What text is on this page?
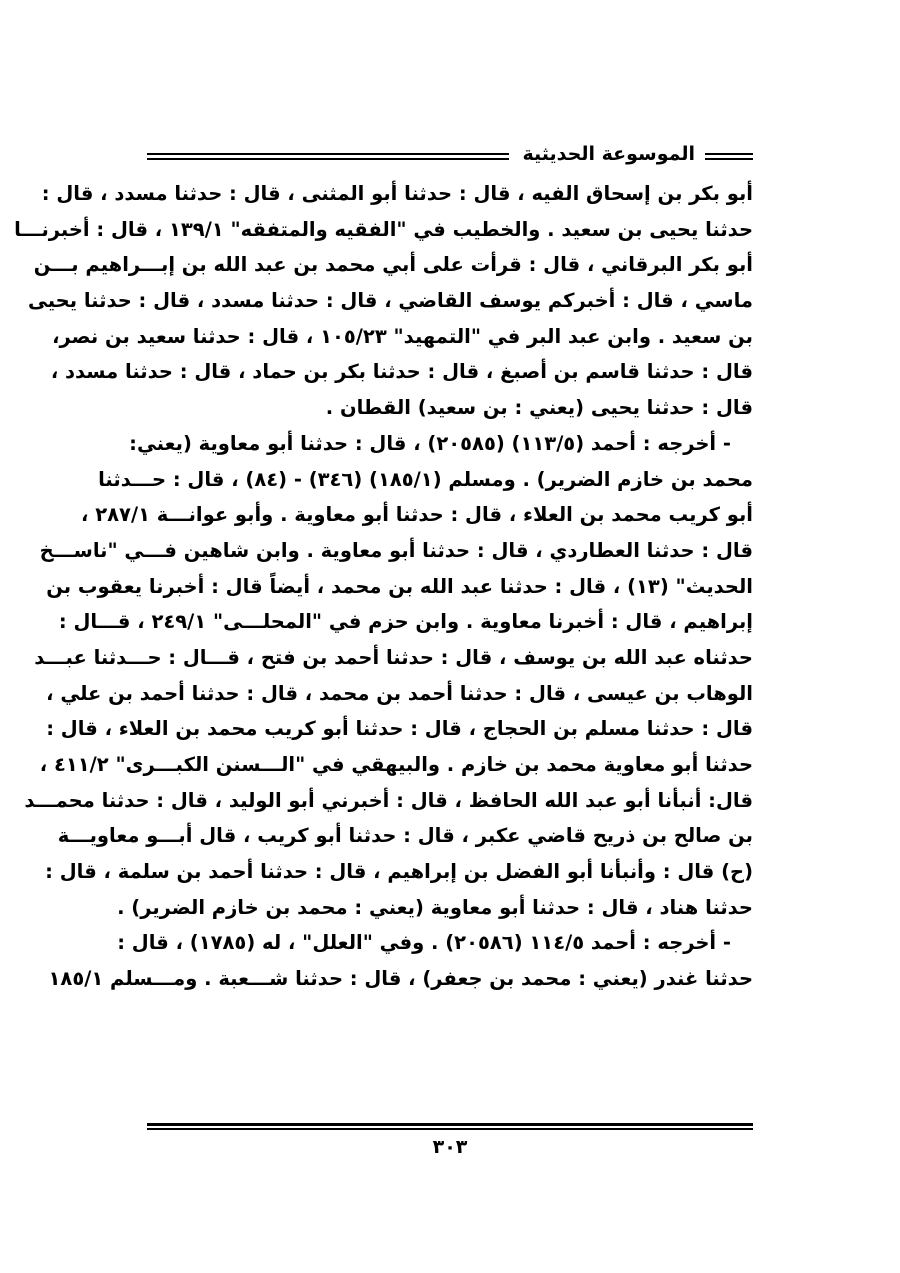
الموسوعة الحديثية
أبو بكر بن إسحاق الفيه ، قال : حدثنا أبو المثنى ، قال : حدثنا مسدد ، قال :
حدثنا يحيى بن سعيد . والخطيب في "الفقيه والمتفقه" ١٣٩/١ ، قال : أخبرنـــا
أبو بكر البرقاني ، قال : قرأت على أبي محمد بن عبد الله بن إبـــراهيم بـــن
ماسي ، قال : أخبركم يوسف القاضي ، قال : حدثنا مسدد ، قال : حدثنا يحيى
بن سعيد . وابن عبد البر في "التمهيد" ١٠٥/٢٣ ، قال : حدثنا سعيد بن نصر،
قال : حدثنا قاسم بن أصبغ ، قال : حدثنا بكر بن حماد ، قال : حدثنا مسدد ،
قال : حدثنا يحيى (يعني : بن سعيد) القطان .
- أخرجه : أحمد (١١٣/٥) (٢٠٥٨٥) ، قال : حدثنا أبو معاوية (يعني:
محمد بن خازم الضرير) . ومسلم (١٨٥/١) (٣٤٦) - (٨٤) ، قال : حـــدثنا
أبو كريب محمد بن العلاء ، قال : حدثنا أبو معاوية . وأبو عوانـــة ٢٨٧/١ ،
قال : حدثنا العطاردي ، قال : حدثنا أبو معاوية . وابن شاهين فـــي "ناســـخ
الحديث" (١٣) ، قال : حدثنا عبد الله بن محمد ، أيضاً قال : أخبرنا يعقوب بن
إبراهيم ، قال : أخبرنا معاوية . وابن حزم في "المحلـــى" ٢٤٩/١ ، قـــال :
حدثناه عبد الله بن يوسف ، قال : حدثنا أحمد بن فتح ، قـــال : حـــدثنا عبـــد
الوهاب بن عيسى ، قال : حدثنا أحمد بن محمد ، قال : حدثنا أحمد بن علي ،
قال : حدثنا مسلم بن الحجاج ، قال : حدثنا أبو كريب محمد بن العلاء ، قال :
حدثنا أبو معاوية محمد بن خازم . والبيهقي في "الـــسنن الكبـــرى" ٤١١/٢ ،
قال: أنبأنا أبو عبد الله الحافظ ، قال : أخبرني أبو الوليد ، قال : حدثنا محمـــد
بن صالح بن ذريح قاضي عكبر ، قال : حدثنا أبو كريب ، قال أبـــو معاويـــة
(ح) قال : وأنبأنا أبو الفضل بن إبراهيم ، قال : حدثنا أحمد بن سلمة ، قال :
حدثنا هناد ، قال : حدثنا أبو معاوية (يعني : محمد بن خازم الضرير) .
- أخرجه : أحمد ١١٤/٥ (٢٠٥٨٦) . وفي "العلل" ، له (١٧٨٥) ، قال :
حدثنا غندر (يعني : محمد بن جعفر) ، قال : حدثنا شـــعبة . ومـــسلم ١٨٥/١
٣٠٣
